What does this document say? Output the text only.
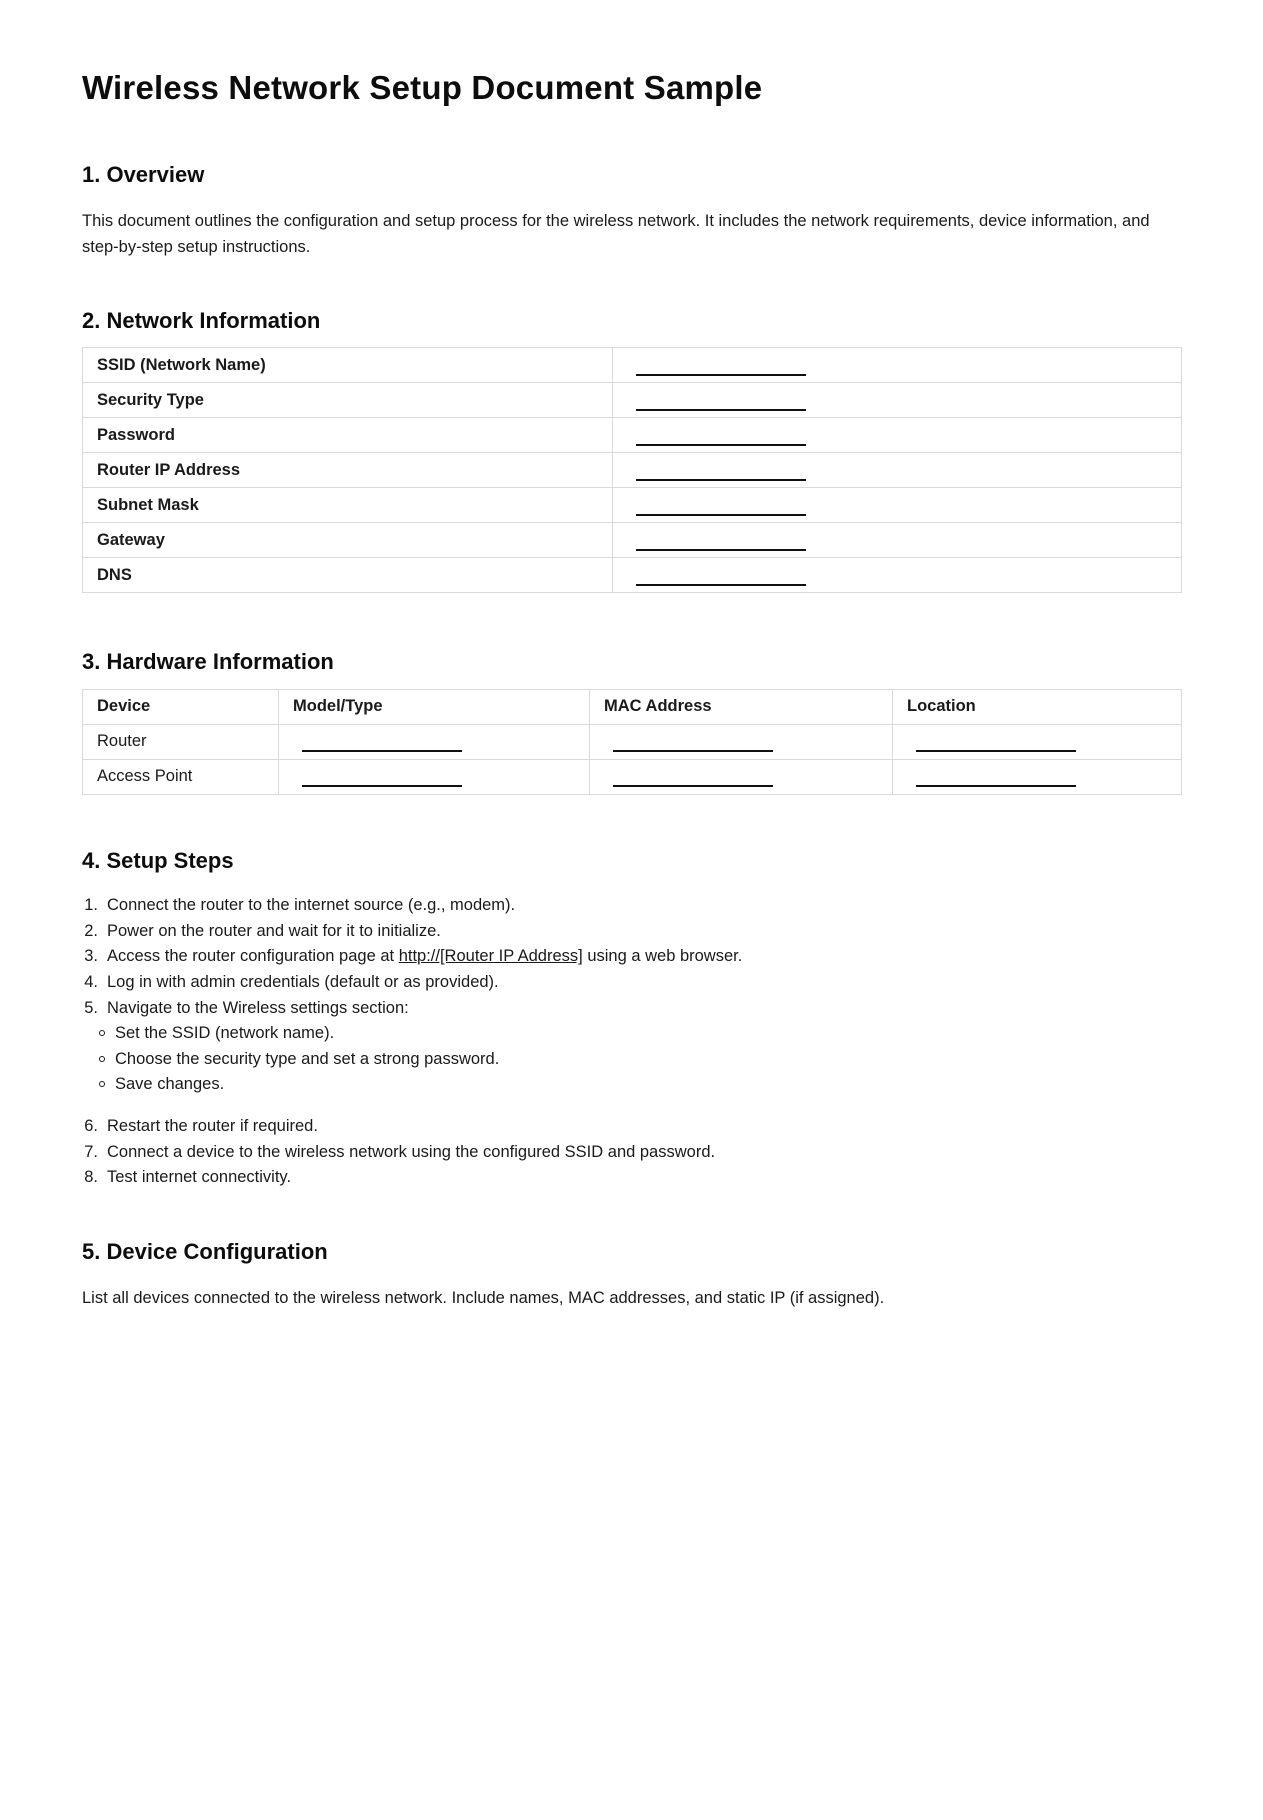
Wireless Network Setup Document Sample
1. Overview

This document outlines the configuration and setup process for the wireless network. It includes the network requirements, device information, and step-by-step setup instructions.

2. Network Information
SSID (Network Name)	

Security Type	

Password	

Router IP Address	

Subnet Mask	

Gateway	

DNS	
3. Hardware Information
Device	Model/Type	MAC Address	Location
Router	

Access Point	

4. Setup Steps
1. Connect the router to the internet source (e.g., modem).
2. Power on the router and wait for it to initialize.
3. Access the router configuration page at http://[Router IP Address] using a web browser.
4. Log in with admin credentials (default or as provided).
5. Navigate to the Wireless settings section:
Set the SSID (network name).
Choose the security type and set a strong password.
Save changes.
6. Restart the router if required.
7. Connect a device to the wireless network using the configured SSID and password.
8. Test internet connectivity.
5. Device Configuration

List all devices connected to the wireless network. Include names, MAC addresses, and static IP (if assigned).
